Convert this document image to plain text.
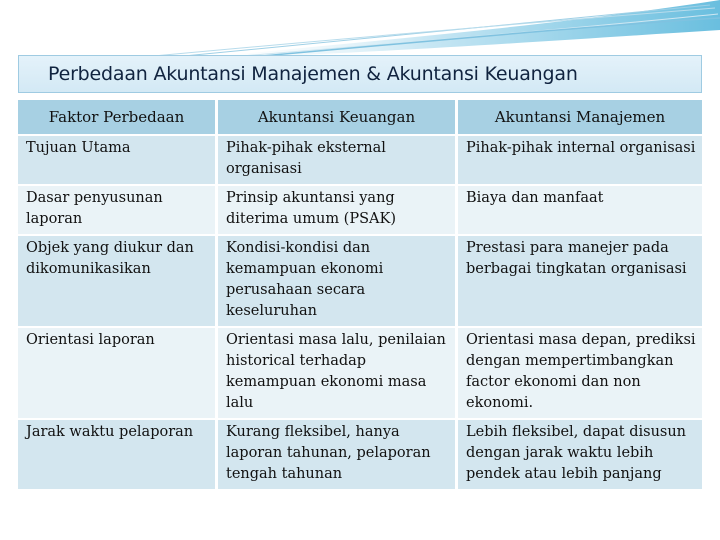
Perbedaan Akuntansi Manajemen & Akuntansi Keuangan
Faktor Perbedaan	Akuntansi Keuangan	Akuntansi Manajemen
Tujuan Utama	Pihak-pihak eksternal organisasi	Pihak-pihak internal organisasi
Dasar penyusunan laporan	Prinsip akuntansi yang diterima umum (PSAK)	Biaya dan manfaat
Objek yang diukur dan dikomunikasikan	Kondisi-kondisi dan kemampuan ekonomi perusahaan secara keseluruhan	Prestasi para manejer pada berbagai tingkatan organisasi
Orientasi laporan	Orientasi masa lalu, penilaian historical terhadap kemampuan ekonomi masa lalu	Orientasi masa depan, prediksi dengan mempertimbangkan factor ekonomi dan non ekonomi.
Jarak waktu pelaporan	Kurang fleksibel, hanya laporan tahunan, pelaporan tengah tahunan	Lebih fleksibel, dapat disusun dengan jarak waktu lebih pendek atau lebih panjang
